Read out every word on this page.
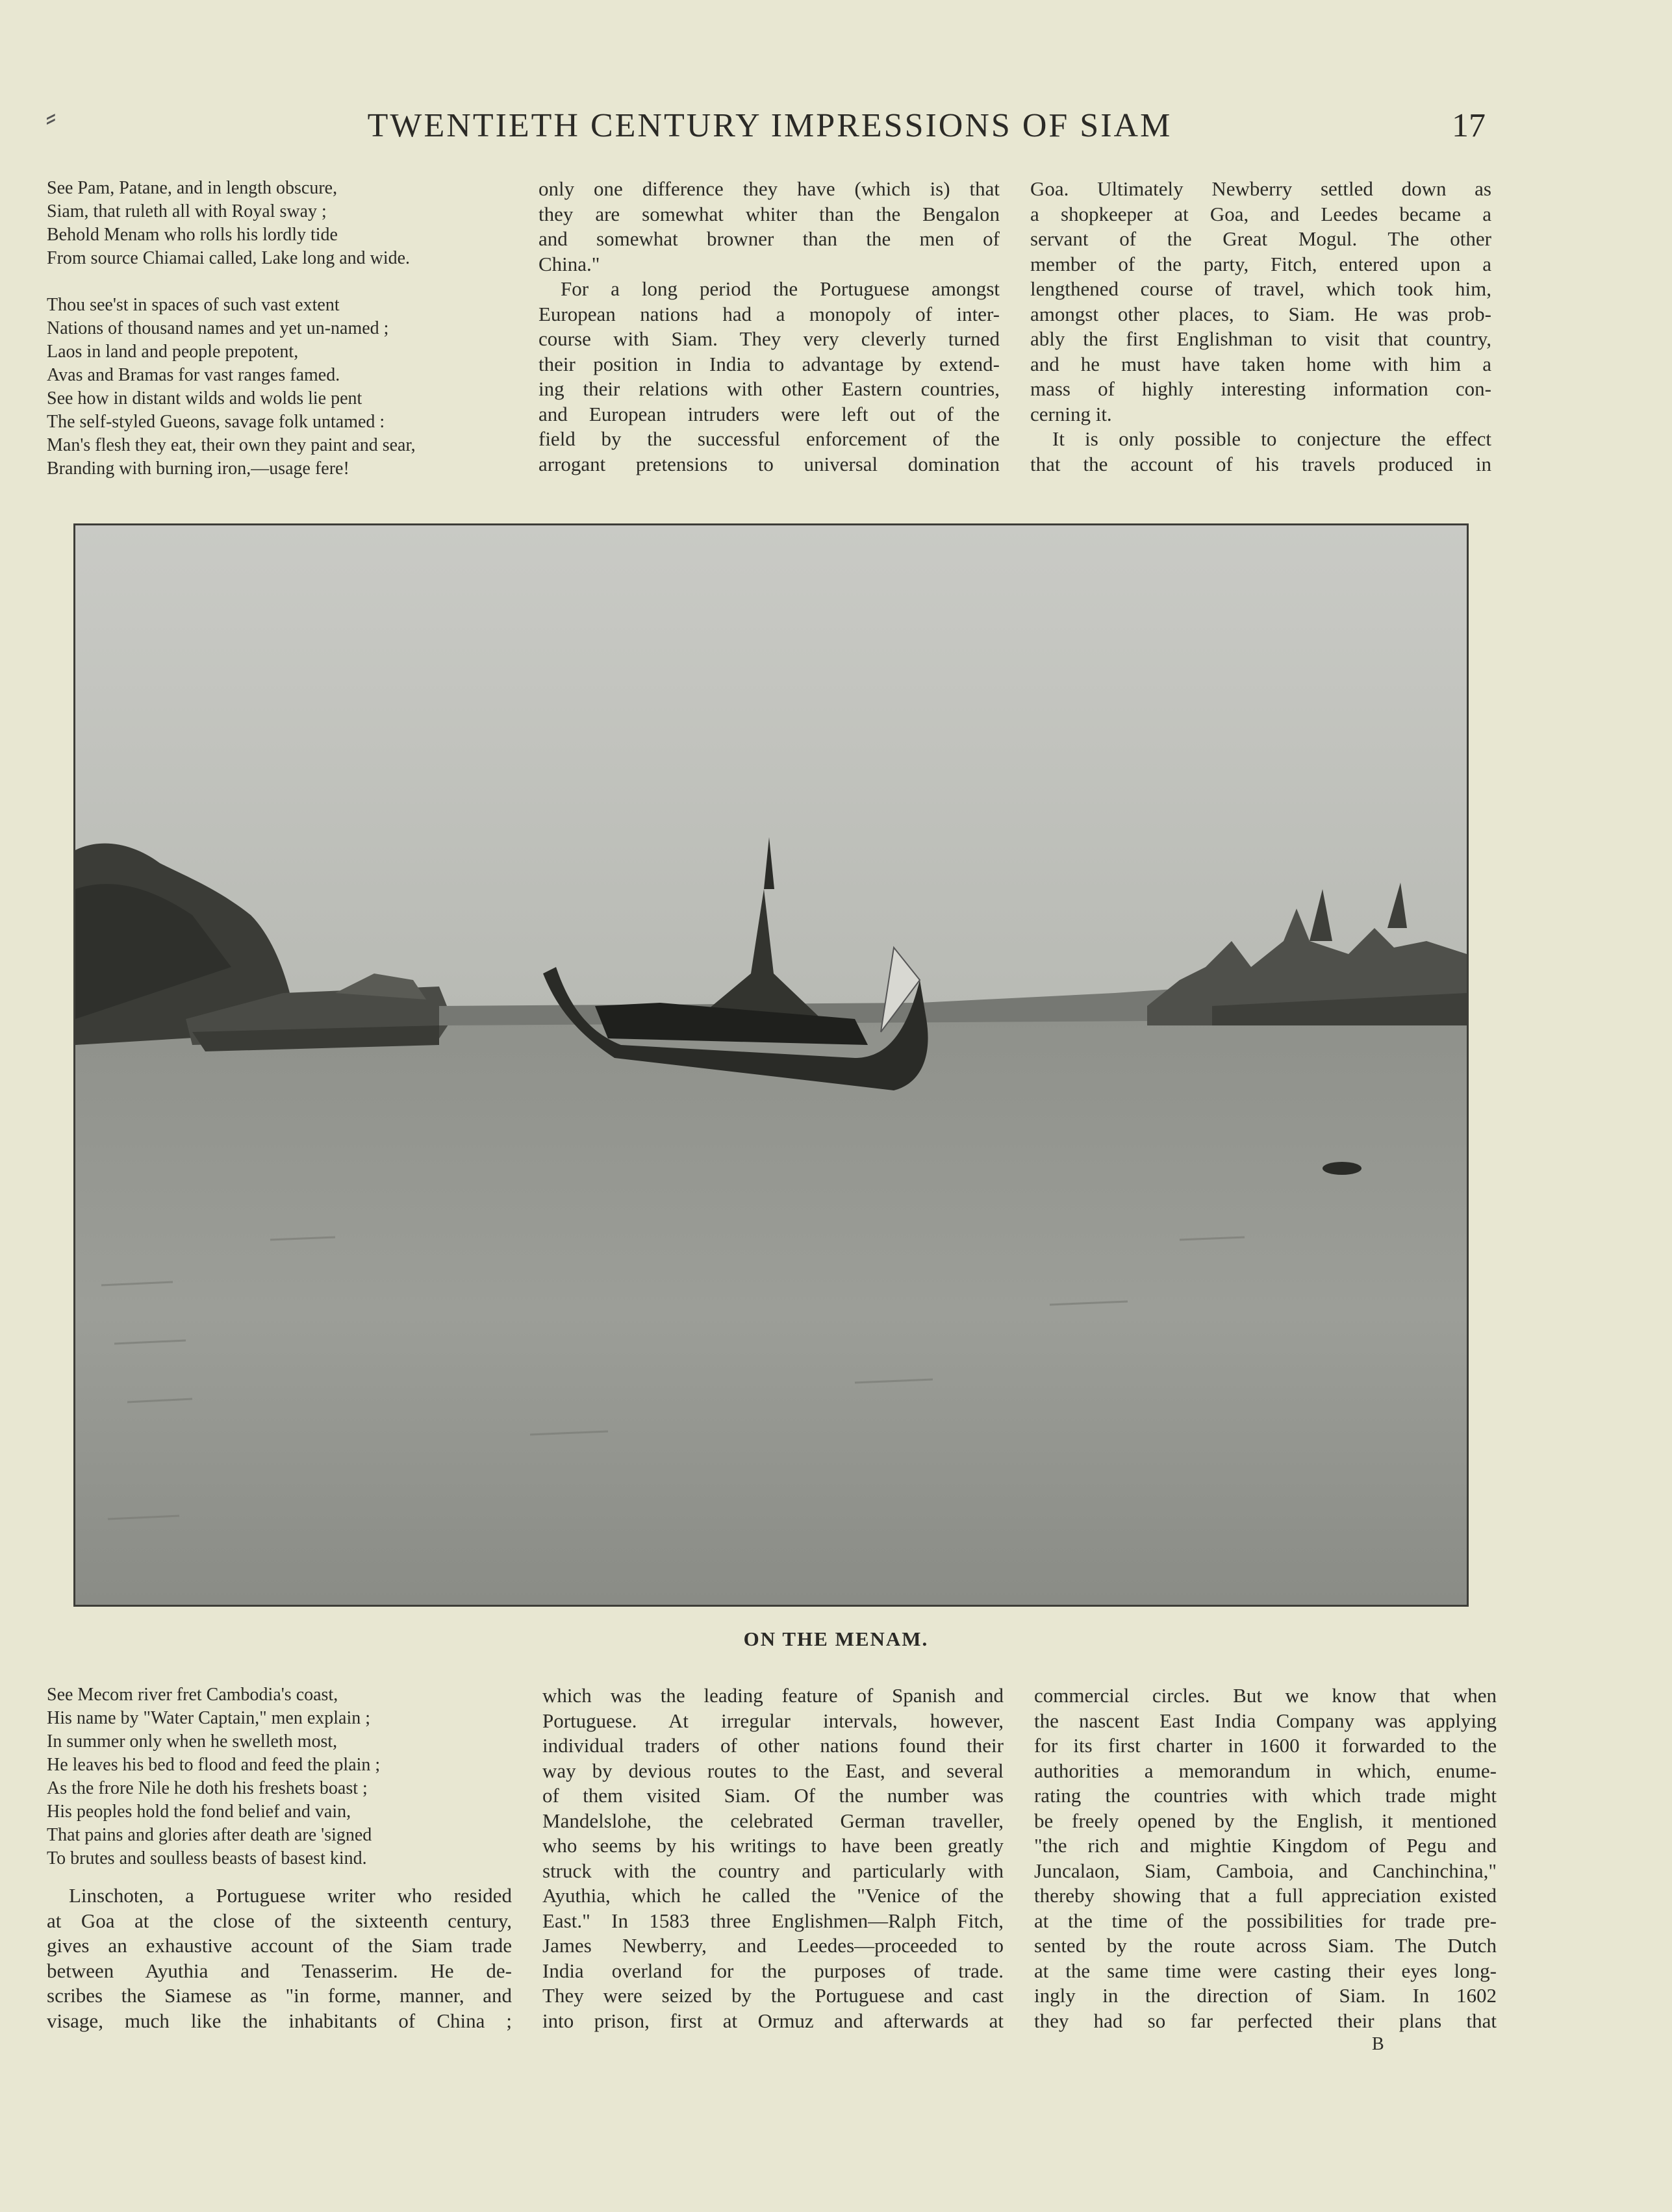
⸗	TWENTIETH CENTURY IMPRESSIONS OF SIAM	17

See Pam, Patane, and in length obscure,

Siam, that ruleth all with Royal sway ;

Behold Menam who rolls his lordly tide

From source Chiamai called, Lake long and wide.

Thou see'st in spaces of such vast extent

Nations of thousand names and yet un-named ;

Laos in land and people prepotent,

Avas and Bramas for vast ranges famed.

See how in distant wilds and wolds lie pent

The self-styled Gueons, savage folk untamed :

Man's flesh they eat, their own they paint and sear,

Branding with burning iron,—usage fere!

only one difference they have (which is) that

they are somewhat whiter than the Bengalon

and somewhat browner than the men of

China."

For a long period the Portuguese amongst

European nations had a monopoly of inter-

course with Siam. They very cleverly turned

their position in India to advantage by extend-

ing their relations with other Eastern countries,

and European intruders were left out of the

field by the successful enforcement of the

arrogant pretensions to universal domination

Goa. Ultimately Newberry settled down as

a shopkeeper at Goa, and Leedes became a

servant of the Great Mogul. The other

member of the party, Fitch, entered upon a

lengthened course of travel, which took him,

amongst other places, to Siam. He was prob-

ably the first Englishman to visit that country,

and he must have taken home with him a

mass of highly interesting information con-

cerning it.

It is only possible to conjecture the effect

that the account of his travels produced in

ON THE MENAM.

See Mecom river fret Cambodia's coast,

His name by "Water Captain," men explain ;

In summer only when he swelleth most,

He leaves his bed to flood and feed the plain ;

As the frore Nile he doth his freshets boast ;

His peoples hold the fond belief and vain,

That pains and glories after death are 'signed

To brutes and soulless beasts of basest kind.

Linschoten, a Portuguese writer who resided

at Goa at the close of the sixteenth century,

gives an exhaustive account of the Siam trade

between Ayuthia and Tenasserim. He de-

scribes the Siamese as "in forme, manner, and

visage, much like the inhabitants of China ;

which was the leading feature of Spanish and

Portuguese. At irregular intervals, however,

individual traders of other nations found their

way by devious routes to the East, and several

of them visited Siam. Of the number was

Mandelslohe, the celebrated German traveller,

who seems by his writings to have been greatly

struck with the country and particularly with

Ayuthia, which he called the "Venice of the

East." In 1583 three Englishmen—Ralph Fitch,

James Newberry, and Leedes—proceeded to

India overland for the purposes of trade.

They were seized by the Portuguese and cast

into prison, first at Ormuz and afterwards at

commercial circles. But we know that when

the nascent East India Company was applying

for its first charter in 1600 it forwarded to the

authorities a memorandum in which, enume-

rating the countries with which trade might

be freely opened by the English, it mentioned

"the rich and mightie Kingdom of Pegu and

Juncalaon, Siam, Camboia, and Canchinchina,"

thereby showing that a full appreciation existed

at the time of the possibilities for trade pre-

sented by the route across Siam. The Dutch

at the same time were casting their eyes long-

ingly in the direction of Siam. In 1602

they had so far perfected their plans that

B
